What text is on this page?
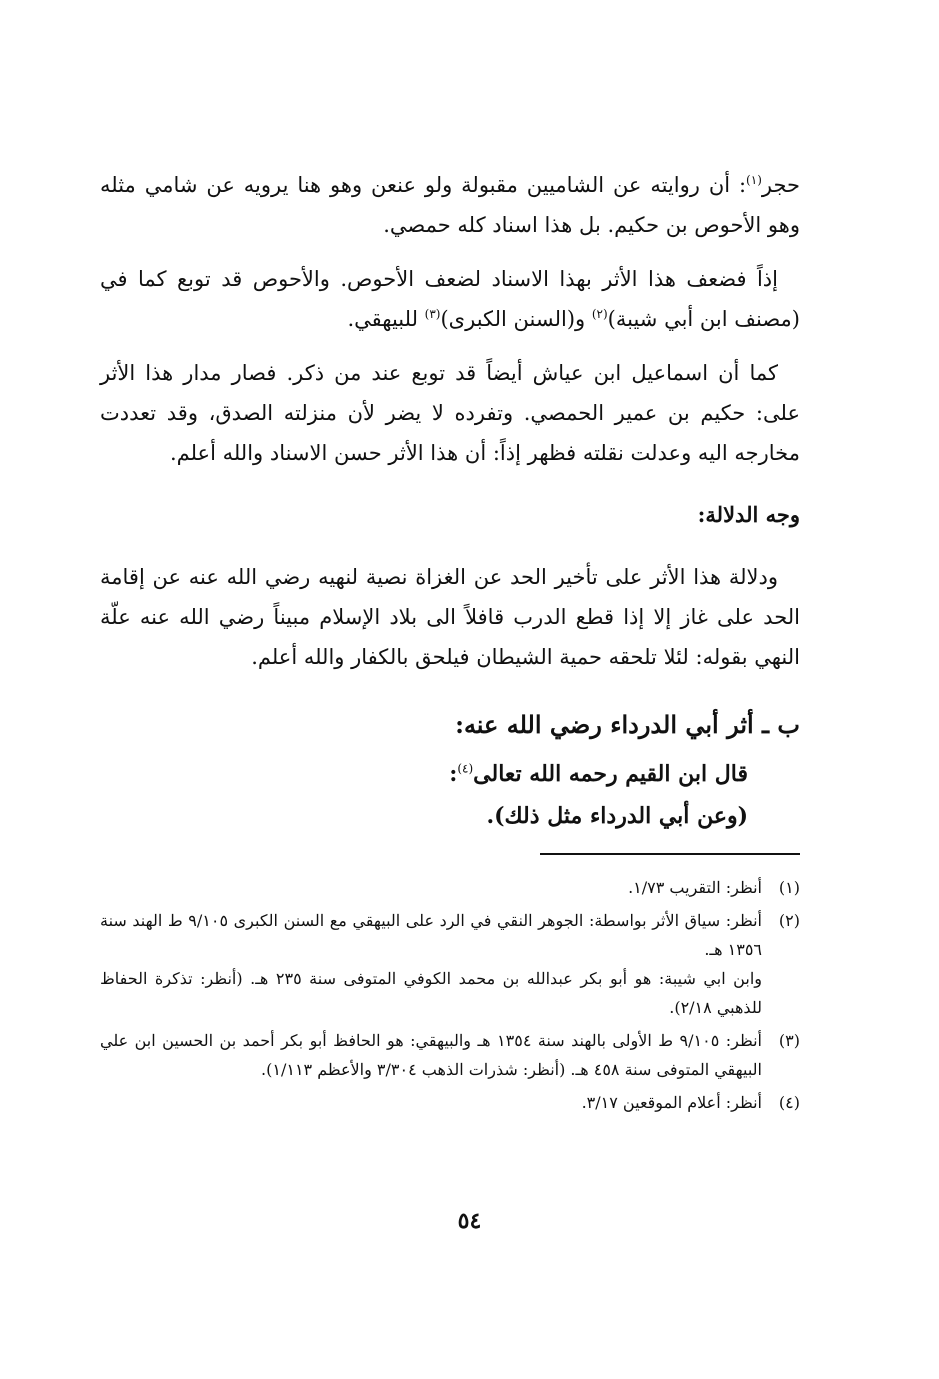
حجر$^{(١)}$: أن روايته عن الشاميين مقبولة ولو عنعن وهو هنا يرويه عن شامي مثله وهو الأحوص بن حكيم. بل هذا اسناد كله حمصي.

إذاً فضعف هذا الأثر بهذا الاسناد لضعف الأحوص. والأحوص قد توبع كما في (مصنف ابن أبي شيبة)$^{(٢)}$ و(السنن الكبرى)$^{(٣)}$ للبيهقي.

كما أن اسماعيل ابن عياش أيضاً قد توبع عند من ذكر. فصار مدار هذا الأثر على: حكيم بن عمير الحمصي. وتفرده لا يضر لأن منزلته الصدق، وقد تعددت مخارجه اليه وعدلت نقلته فظهر إذاً: أن هذا الأثر حسن الاسناد والله أعلم.

وجه الدلالة:

ودلالة هذا الأثر على تأخير الحد عن الغزاة نصية لنهيه رضي الله عنه عن إقامة الحد على غاز إلا إذا قطع الدرب قافلاً الى بلاد الإسلام مبيناً رضي الله عنه علّة النهي بقوله: لئلا تلحقه حمية الشيطان فيلحق بالكفار والله أعلم.

ب ـ أثر أبي الدرداء رضي الله عنه:
قال ابن القيم رحمه الله تعالى$^{(٤)}$:
(وعن أبي الدرداء مثل ذلك).
(١)

أنظر: التقريب ١/٧٣.

(٢)

أنظر: سياق الأثر بواسطة: الجوهر النقي في الرد على البيهقي مع السنن الكبرى ٩/١٠٥ ط الهند سنة ١٣٥٦ هـ.

وابن ابي شيبة: هو أبو بكر عبدالله بن محمد الكوفي المتوفى سنة ٢٣٥ هـ. (أنظر: تذكرة الحفاظ للذهبي ٢/١٨).

(٣)

أنظر: ٩/١٠٥ ط الأولى بالهند سنة ١٣٥٤ هـ والبيهقي: هو الحافظ أبو بكر أحمد بن الحسين ابن علي البيهقي المتوفى سنة ٤٥٨ هـ. (أنظر: شذرات الذهب ٣/٣٠٤ والأعظم ١/١١٣).

(٤)

أنظر: أعلام الموقعين ٣/١٧.

٥٤
